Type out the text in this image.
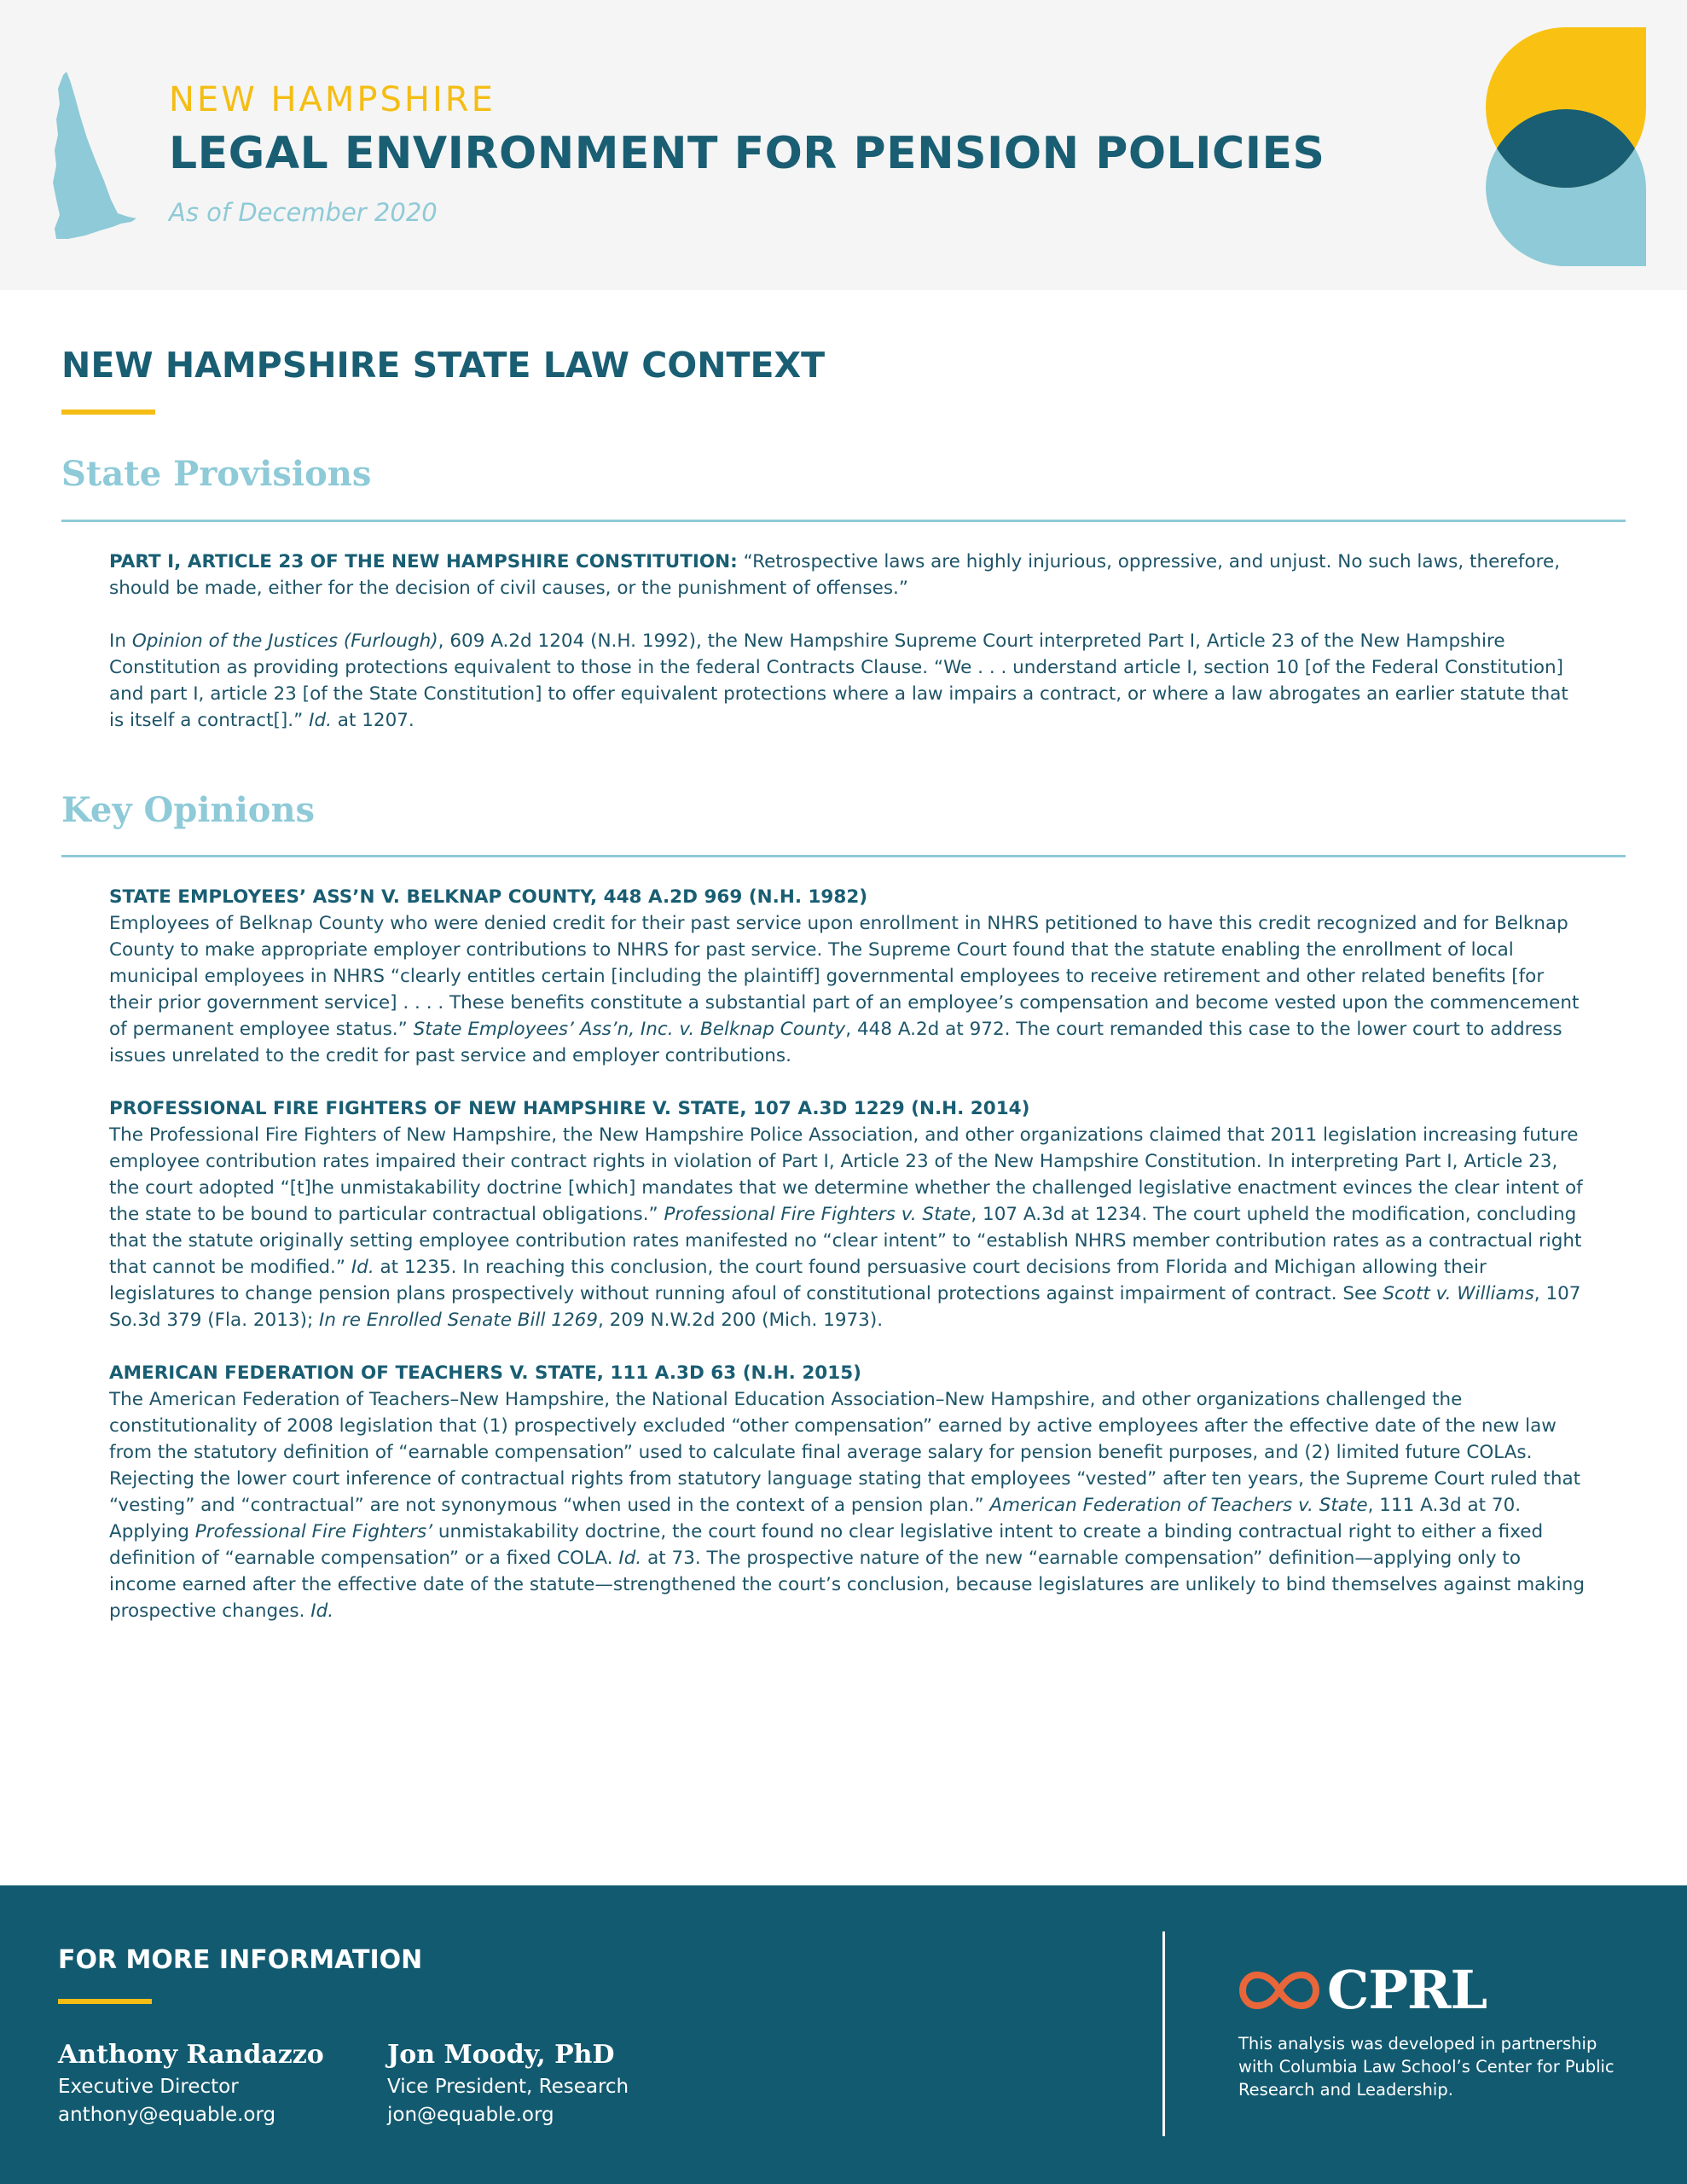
NEW HAMPSHIRE
LEGAL ENVIRONMENT FOR PENSION POLICIES
As of December 2020
NEW HAMPSHIRE STATE LAW CONTEXT
State Provisions

PART I, ARTICLE 23 OF THE NEW HAMPSHIRE CONSTITUTION: “Retrospective laws are highly injurious, oppressive, and unjust. No such laws, therefore, should be made, either for the decision of civil causes, or the punishment of offenses.”

In Opinion of the Justices (Furlough), 609 A.2d 1204 (N.H. 1992), the New Hampshire Supreme Court interpreted Part I, Article 23 of the New Hampshire Constitution as providing protections equivalent to those in the federal Contracts Clause. “We . . . understand article I, section 10 [of the Federal Constitution] and part I, article 23 [of the State Constitution] to offer equivalent protections where a law impairs a contract, or where a law abrogates an earlier statute that is itself a contract[].” Id. at 1207.

Key Opinions
STATE EMPLOYEES’ ASS’N V. BELKNAP COUNTY, 448 A.2D 969 (N.H. 1982)

Employees of Belknap County who were denied credit for their past service upon enrollment in NHRS petitioned to have this credit recognized and for Belknap County to make appropriate employer contributions to NHRS for past service. The Supreme Court found that the statute enabling the enrollment of local municipal employees in NHRS “clearly entitles certain [including the plaintiff] governmental employees to receive retirement and other related benefits [for their prior government service] . . . . These benefits constitute a substantial part of an employee’s compensation and become vested upon the commencement of permanent employee status.” State Employees’ Ass’n, Inc. v. Belknap County, 448 A.2d at 972. The court remanded this case to the lower court to address issues unrelated to the credit for past service and employer contributions.

PROFESSIONAL FIRE FIGHTERS OF NEW HAMPSHIRE V. STATE, 107 A.3D 1229 (N.H. 2014)

The Professional Fire Fighters of New Hampshire, the New Hampshire Police Association, and other organizations claimed that 2011 legislation increasing future employee contribution rates impaired their contract rights in violation of Part I, Article 23 of the New Hampshire Constitution. In interpreting Part I, Article 23, the court adopted “[t]he unmistakability doctrine [which] mandates that we determine whether the challenged legislative enactment evinces the clear intent of the state to be bound to particular contractual obligations.” Professional Fire Fighters v. State, 107 A.3d at 1234. The court upheld the modification, concluding that the statute originally setting employee contribution rates manifested no “clear intent” to “establish NHRS member contribution rates as a contractual right that cannot be modified.” Id. at 1235. In reaching this conclusion, the court found persuasive court decisions from Florida and Michigan allowing their legislatures to change pension plans prospectively without running afoul of constitutional protections against impairment of contract. See Scott v. Williams, 107 So.3d 379 (Fla. 2013); In re Enrolled Senate Bill 1269, 209 N.W.2d 200 (Mich. 1973).

AMERICAN FEDERATION OF TEACHERS V. STATE, 111 A.3D 63 (N.H. 2015)

The American Federation of Teachers–New Hampshire, the National Education Association–New Hampshire, and other organizations challenged the constitutionality of 2008 legislation that (1) prospectively excluded “other compensation” earned by active employees after the effective date of the new law from the statutory definition of “earnable compensation” used to calculate final average salary for pension benefit purposes, and (2) limited future COLAs. Rejecting the lower court inference of contractual rights from statutory language stating that employees “vested” after ten years, the Supreme Court ruled that “vesting” and “contractual” are not synonymous “when used in the context of a pension plan.” American Federation of Teachers v. State, 111 A.3d at 70. Applying Professional Fire Fighters’ unmistakability doctrine, the court found no clear legislative intent to create a binding contractual right to either a fixed definition of “earnable compensation” or a fixed COLA. Id. at 73. The prospective nature of the new “earnable compensation” definition—applying only to income earned after the effective date of the statute—strengthened the court’s conclusion, because legislatures are unlikely to bind themselves against making prospective changes. Id.

FOR MORE INFORMATION
Anthony Randazzo
Executive Director
anthony@equable.org
Jon Moody, PhD
Vice President, Research
jon@equable.org
CPRL
This analysis was developed in partnership with Columbia Law School’s Center for Public Research and Leadership.
